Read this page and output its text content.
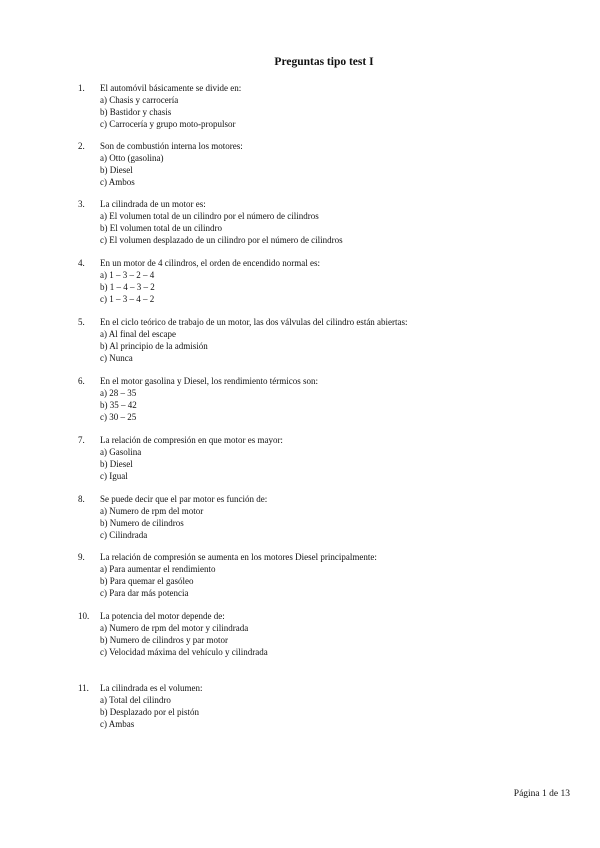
Preguntas tipo test I
1. El automóvil básicamente se divide en:
a) Chasis y carrocería
b) Bastidor y chasis
c) Carrocería y grupo moto-propulsor
2. Son de combustión interna los motores:
a) Otto (gasolina)
b) Diesel
c) Ambos
3. La cilindrada de un motor es:
a) El volumen total de un cilindro por el número de cilindros
b) El volumen total de un cilindro
c) El volumen desplazado de un cilindro por el número de cilindros
4. En un motor de 4 cilindros, el orden de encendido normal es:
a) 1 – 3 – 2 – 4
b) 1 – 4 – 3 – 2
c) 1 – 3 – 4 – 2
5. En el ciclo teórico de trabajo de un motor, las dos válvulas del cilindro están abiertas:
a) Al final del escape
b) Al principio de la admisión
c) Nunca
6. En el motor gasolina y Diesel, los rendimiento térmicos son:
a) 28 – 35
b) 35 – 42
c) 30 – 25
7. La relación de compresión en que motor es mayor:
a) Gasolina
b) Diesel
c) Igual
8. Se puede decir que el par motor es función de:
a) Numero de rpm del motor
b) Numero de cilindros
c) Cilindrada
9. La relación de compresión se aumenta en los motores Diesel principalmente:
a) Para aumentar el rendimiento
b) Para quemar el gasóleo
c) Para dar más potencia
10. La potencia del motor depende de:
a) Numero de rpm del motor y cilindrada
b) Numero de cilindros y par motor
c) Velocidad máxima del vehículo y cilindrada
11. La cilindrada es el volumen:
a) Total del cilindro
b) Desplazado por el pistón
c) Ambas
Página 1 de 13
